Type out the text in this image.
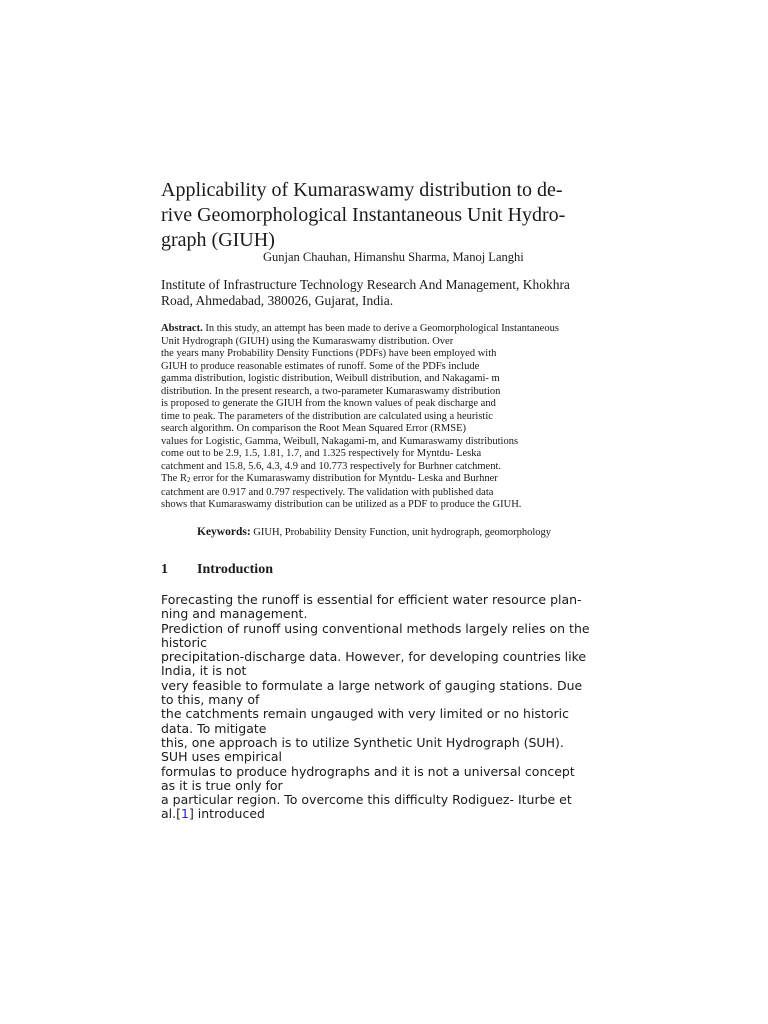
Applicability of Kumaraswamy distribution to de-
rive Geomorphological Instantaneous Unit Hydro-
graph (GIUH)
Gunjan Chauhan, Himanshu Sharma, Manoj Langhi
Institute of Infrastructure Technology Research And Management, Khokhra
Road, Ahmedabad, 380026, Gujarat, India.
Abstract. In this study, an attempt has been made to derive a Geomorphological Instantaneous
Unit Hydrograph (GIUH) using the Kumaraswamy distribution. Over
the years many Probability Density Functions (PDFs) have been employed with
GIUH to produce reasonable estimates of runoff. Some of the PDFs include
gamma distribution, logistic distribution, Weibull distribution, and Nakagami- m
distribution. In the present research, a two-parameter Kumaraswamy distribution
is proposed to generate the GIUH from the known values of peak discharge and
time to peak. The parameters of the distribution are calculated using a heuristic
search algorithm. On comparison the Root Mean Squared Error (RMSE)
values for Logistic, Gamma, Weibull, Nakagami-m, and Kumaraswamy distributions
come out to be 2.9, 1.5, 1.81, 1.7, and 1.325 respectively for Myntdu- Leska
catchment and 15.8, 5.6, 4.3, 4.9 and 10.773 respectively for Burhner catchment.
The R2 error for the Kumaraswamy distribution for Myntdu- Leska and Burhner
catchment are 0.917 and 0.797 respectively. The validation with published data
shows that Kumaraswamy distribution can be utilized as a PDF to produce the GIUH.
Keywords: GIUH, Probability Density Function, unit hydrograph, geomorphology
1 Introduction
Forecasting the runoff is essential for efficient water resource plan-
ning and management.
Prediction of runoff using conventional methods largely relies on the
historic
precipitation-discharge data. However, for developing countries like
India, it is not
very feasible to formulate a large network of gauging stations. Due
to this, many of
the catchments remain ungauged with very limited or no historic
data. To mitigate
this, one approach is to utilize Synthetic Unit Hydrograph (SUH).
SUH uses empirical
formulas to produce hydrographs and it is not a universal concept
as it is true only for
a particular region. To overcome this difficulty Rodiguez- Iturbe et
al.[1] introduced
